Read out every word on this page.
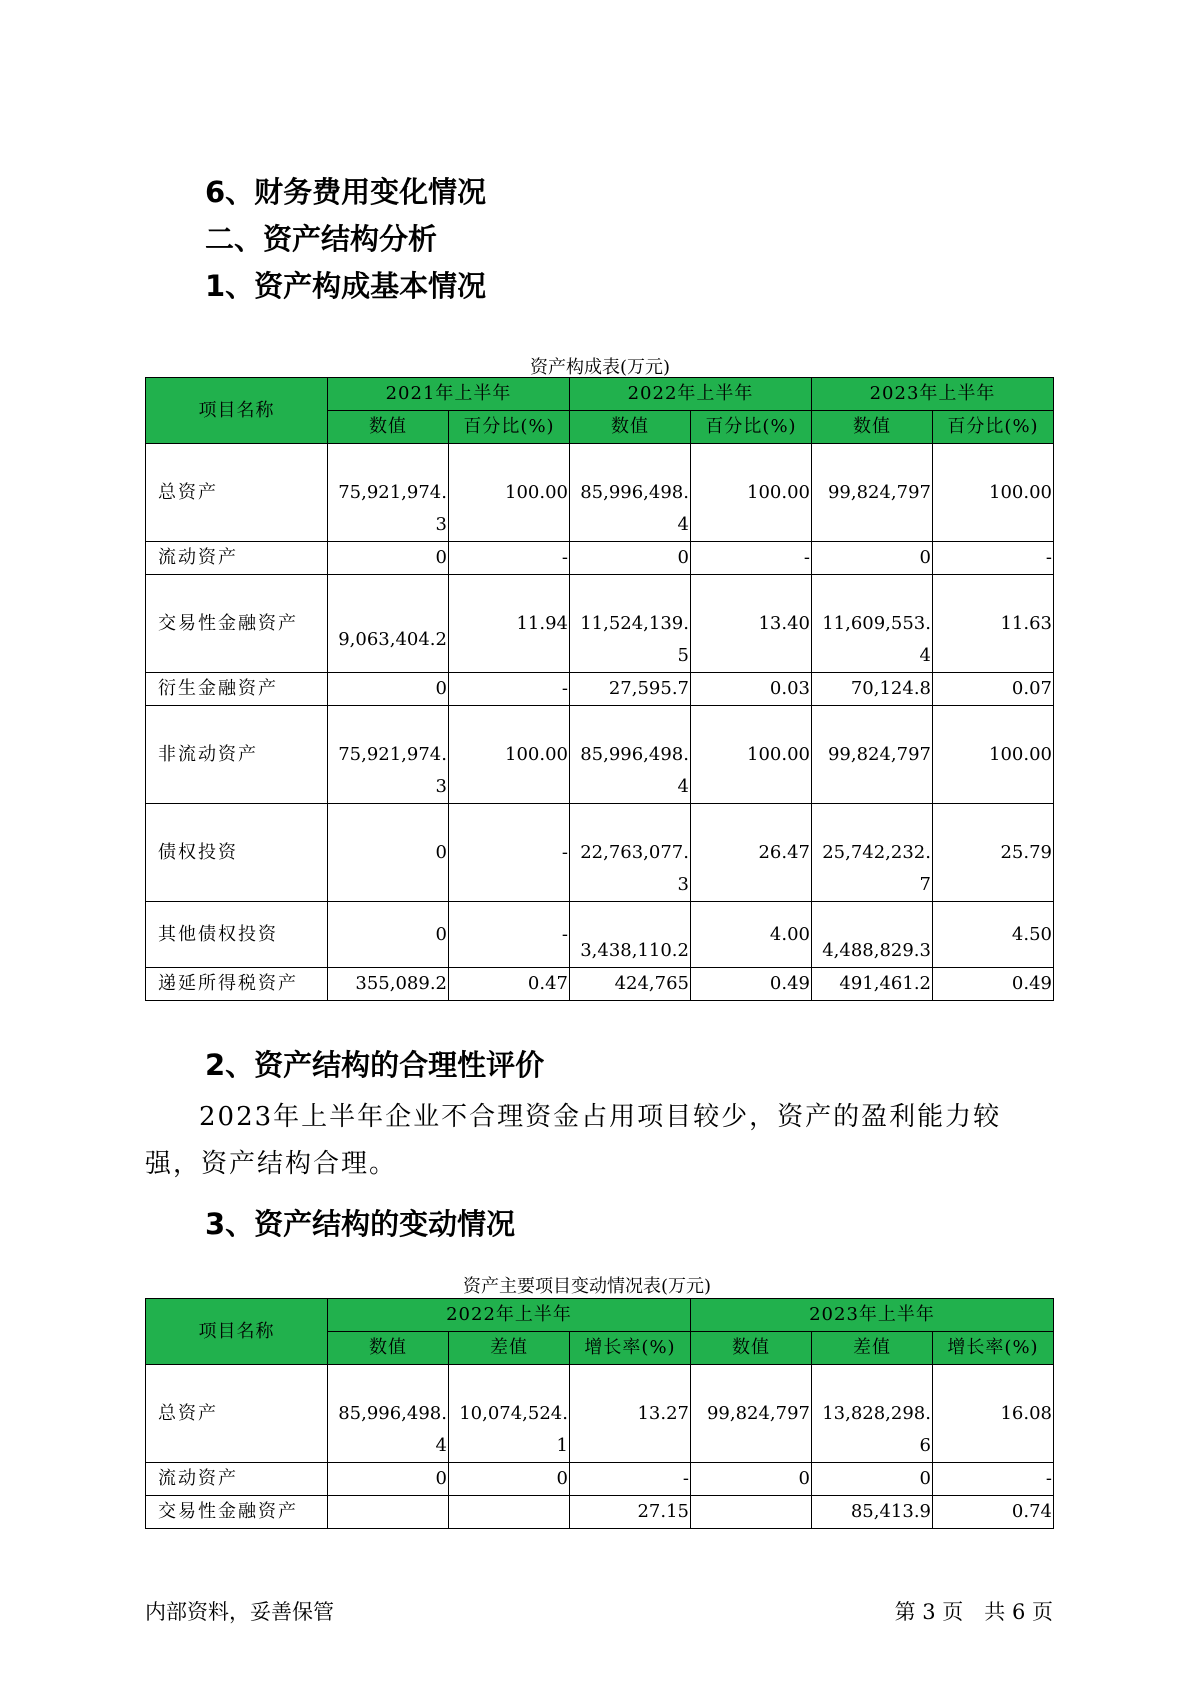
6、财务费用变化情况
二、资产结构分析
1、资产构成基本情况
资产构成表(万元)
项目名称	2021年上半年		2022年上半年		2023年上半年	
	数值	百分比(%)	数值	百分比(%)	数值	百分比(%)
总资产	75,921,974.3	100.00	85,996,498.4	100.00	99,824,797	100.00
流动资产	0	-	0	-	0	-
交易性金融资产	9,063,404.2	11.94	11,524,139.5	13.40	11,609,553.4	11.63
衍生金融资产	0	-	27,595.7	0.03	70,124.8	0.07
非流动资产	75,921,974.3	100.00	85,996,498.4	100.00	99,824,797	100.00
债权投资	0	-	22,763,077.3	26.47	25,742,232.7	25.79
其他债权投资	0	-	3,438,110.2	4.00	4,488,829.3	4.50
递延所得税资产	355,089.2	0.47	424,765	0.49	491,461.2	0.49
2、资产结构的合理性评价
2023年上半年企业不合理资金占用项目较少，资产的盈利能力较强，资产结构合理。
3、资产结构的变动情况
资产主要项目变动情况表(万元)
项目名称	2022年上半年			2023年上半年		
	数值	差值	增长率(%)	数值	差值	增长率(%)
总资产	85,996,498.4	10,074,524.1	13.27	99,824,797	13,828,298.6	16.08
流动资产	0	0	-	0	0	-
交易性金融资产			27.15		85,413.9	0.74
内部资料，妥善保管	第 3 页　共 6 页
